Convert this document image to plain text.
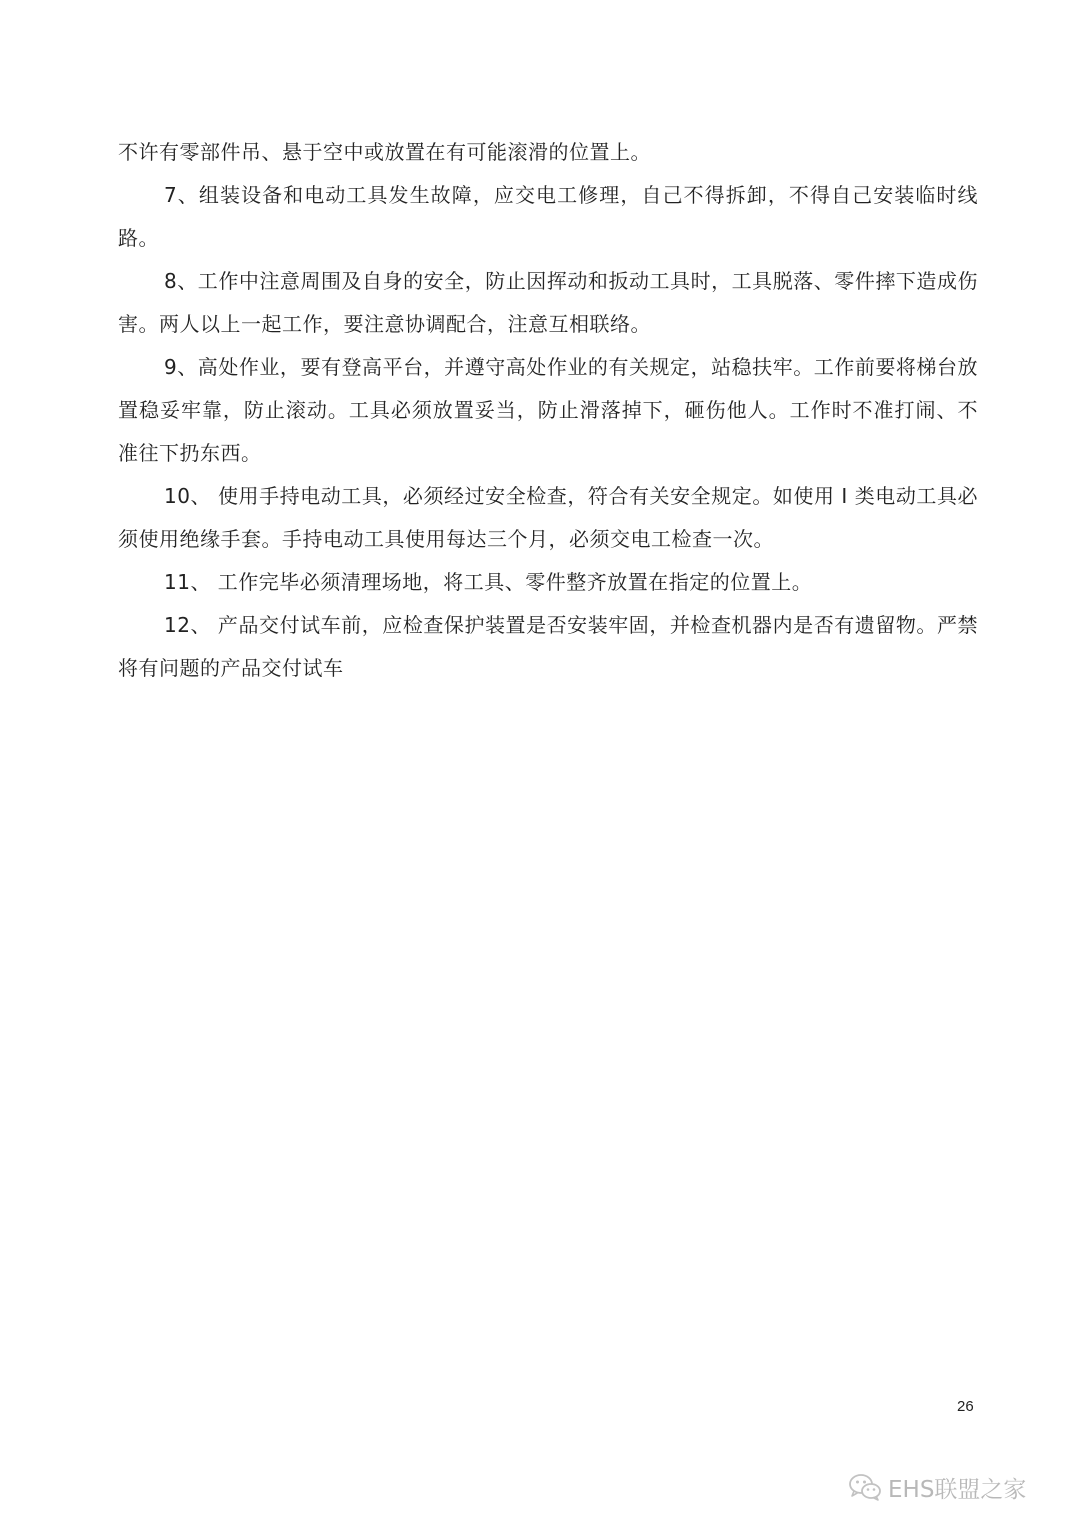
不许有零部件吊、悬于空中或放置在有可能滚滑的位置上。

7、组装设备和电动工具发生故障，应交电工修理，自己不得拆卸，不得自己安装临时线路。

8、工作中注意周围及自身的安全，防止因挥动和扳动工具时，工具脱落、零件摔下造成伤害。两人以上一起工作，要注意协调配合，注意互相联络。

9、高处作业，要有登高平台，并遵守高处作业的有关规定，站稳扶牢。工作前要将梯台放置稳妥牢靠，防止滚动。工具必须放置妥当，防止滑落掉下，砸伤他人。工作时不准打闹、不准往下扔东西。

10、 使用手持电动工具，必须经过安全检查，符合有关安全规定。如使用 I 类电动工具必须使用绝缘手套。手持电动工具使用每达三个月，必须交电工检查一次。

11、 工作完毕必须清理场地，将工具、零件整齐放置在指定的位置上。

12、 产品交付试车前，应检查保护装置是否安装牢固，并检查机器内是否有遗留物。严禁将有问题的产品交付试车

26
EHS联盟之家
